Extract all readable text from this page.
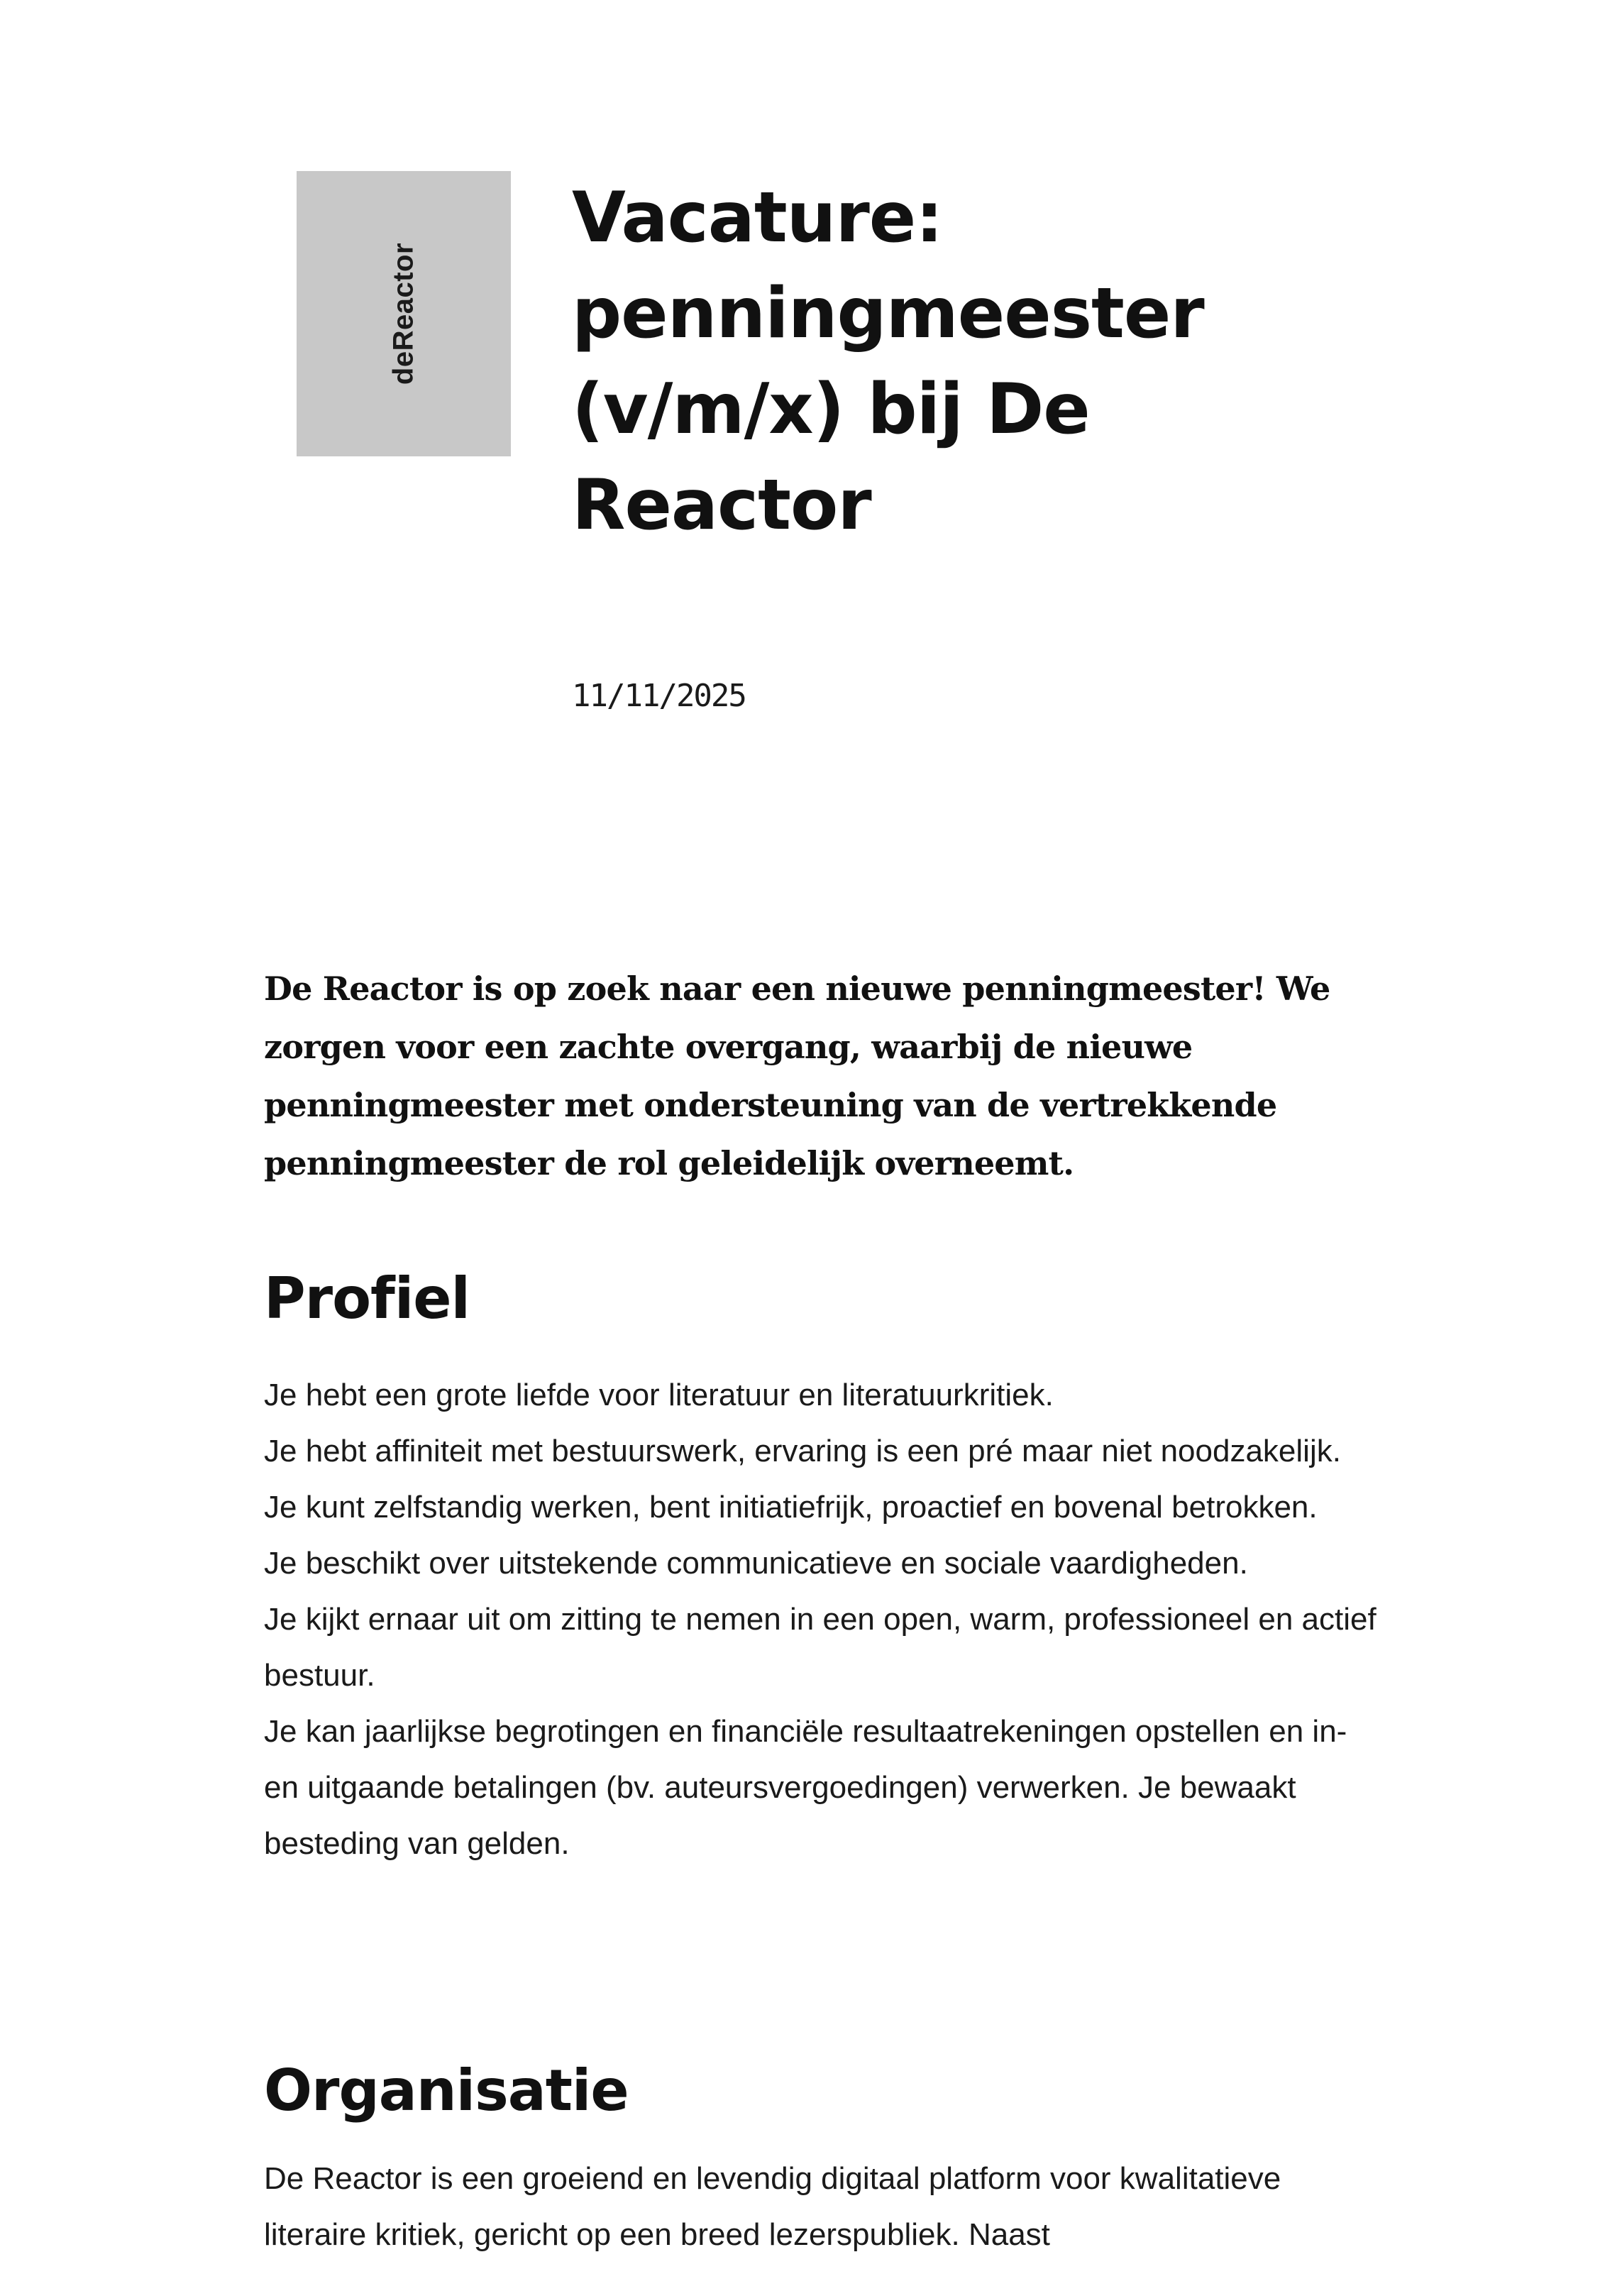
deReactor
Vacature: penningmeester (v/m/x) bij De Reactor
11/11/2025

De Reactor is op zoek naar een nieuwe penningmeester! We zorgen voor een zachte overgang, waarbij de nieuwe penningmeester met ondersteuning van de vertrekkende penningmeester de rol geleidelijk overneemt.

Profiel
Je hebt een grote liefde voor literatuur en literatuurkritiek.
Je hebt affiniteit met bestuurswerk, ervaring is een pré maar niet noodzakelijk.
Je kunt zelfstandig werken, bent initiatiefrijk, proactief en bovenal betrokken.
Je beschikt over uitstekende communicatieve en sociale vaardigheden.
Je kijkt ernaar uit om zitting te nemen in een open, warm, professioneel en actief bestuur.
Je kan jaarlijkse begrotingen en financiële resultaatrekeningen opstellen en in- en uitgaande betalingen (bv. auteursvergoedingen) verwerken. Je bewaakt besteding van gelden.
Organisatie

De Reactor is een groeiend en levendig digitaal platform voor kwalitatieve literaire kritiek, gericht op een breed lezerspubliek. Naast
